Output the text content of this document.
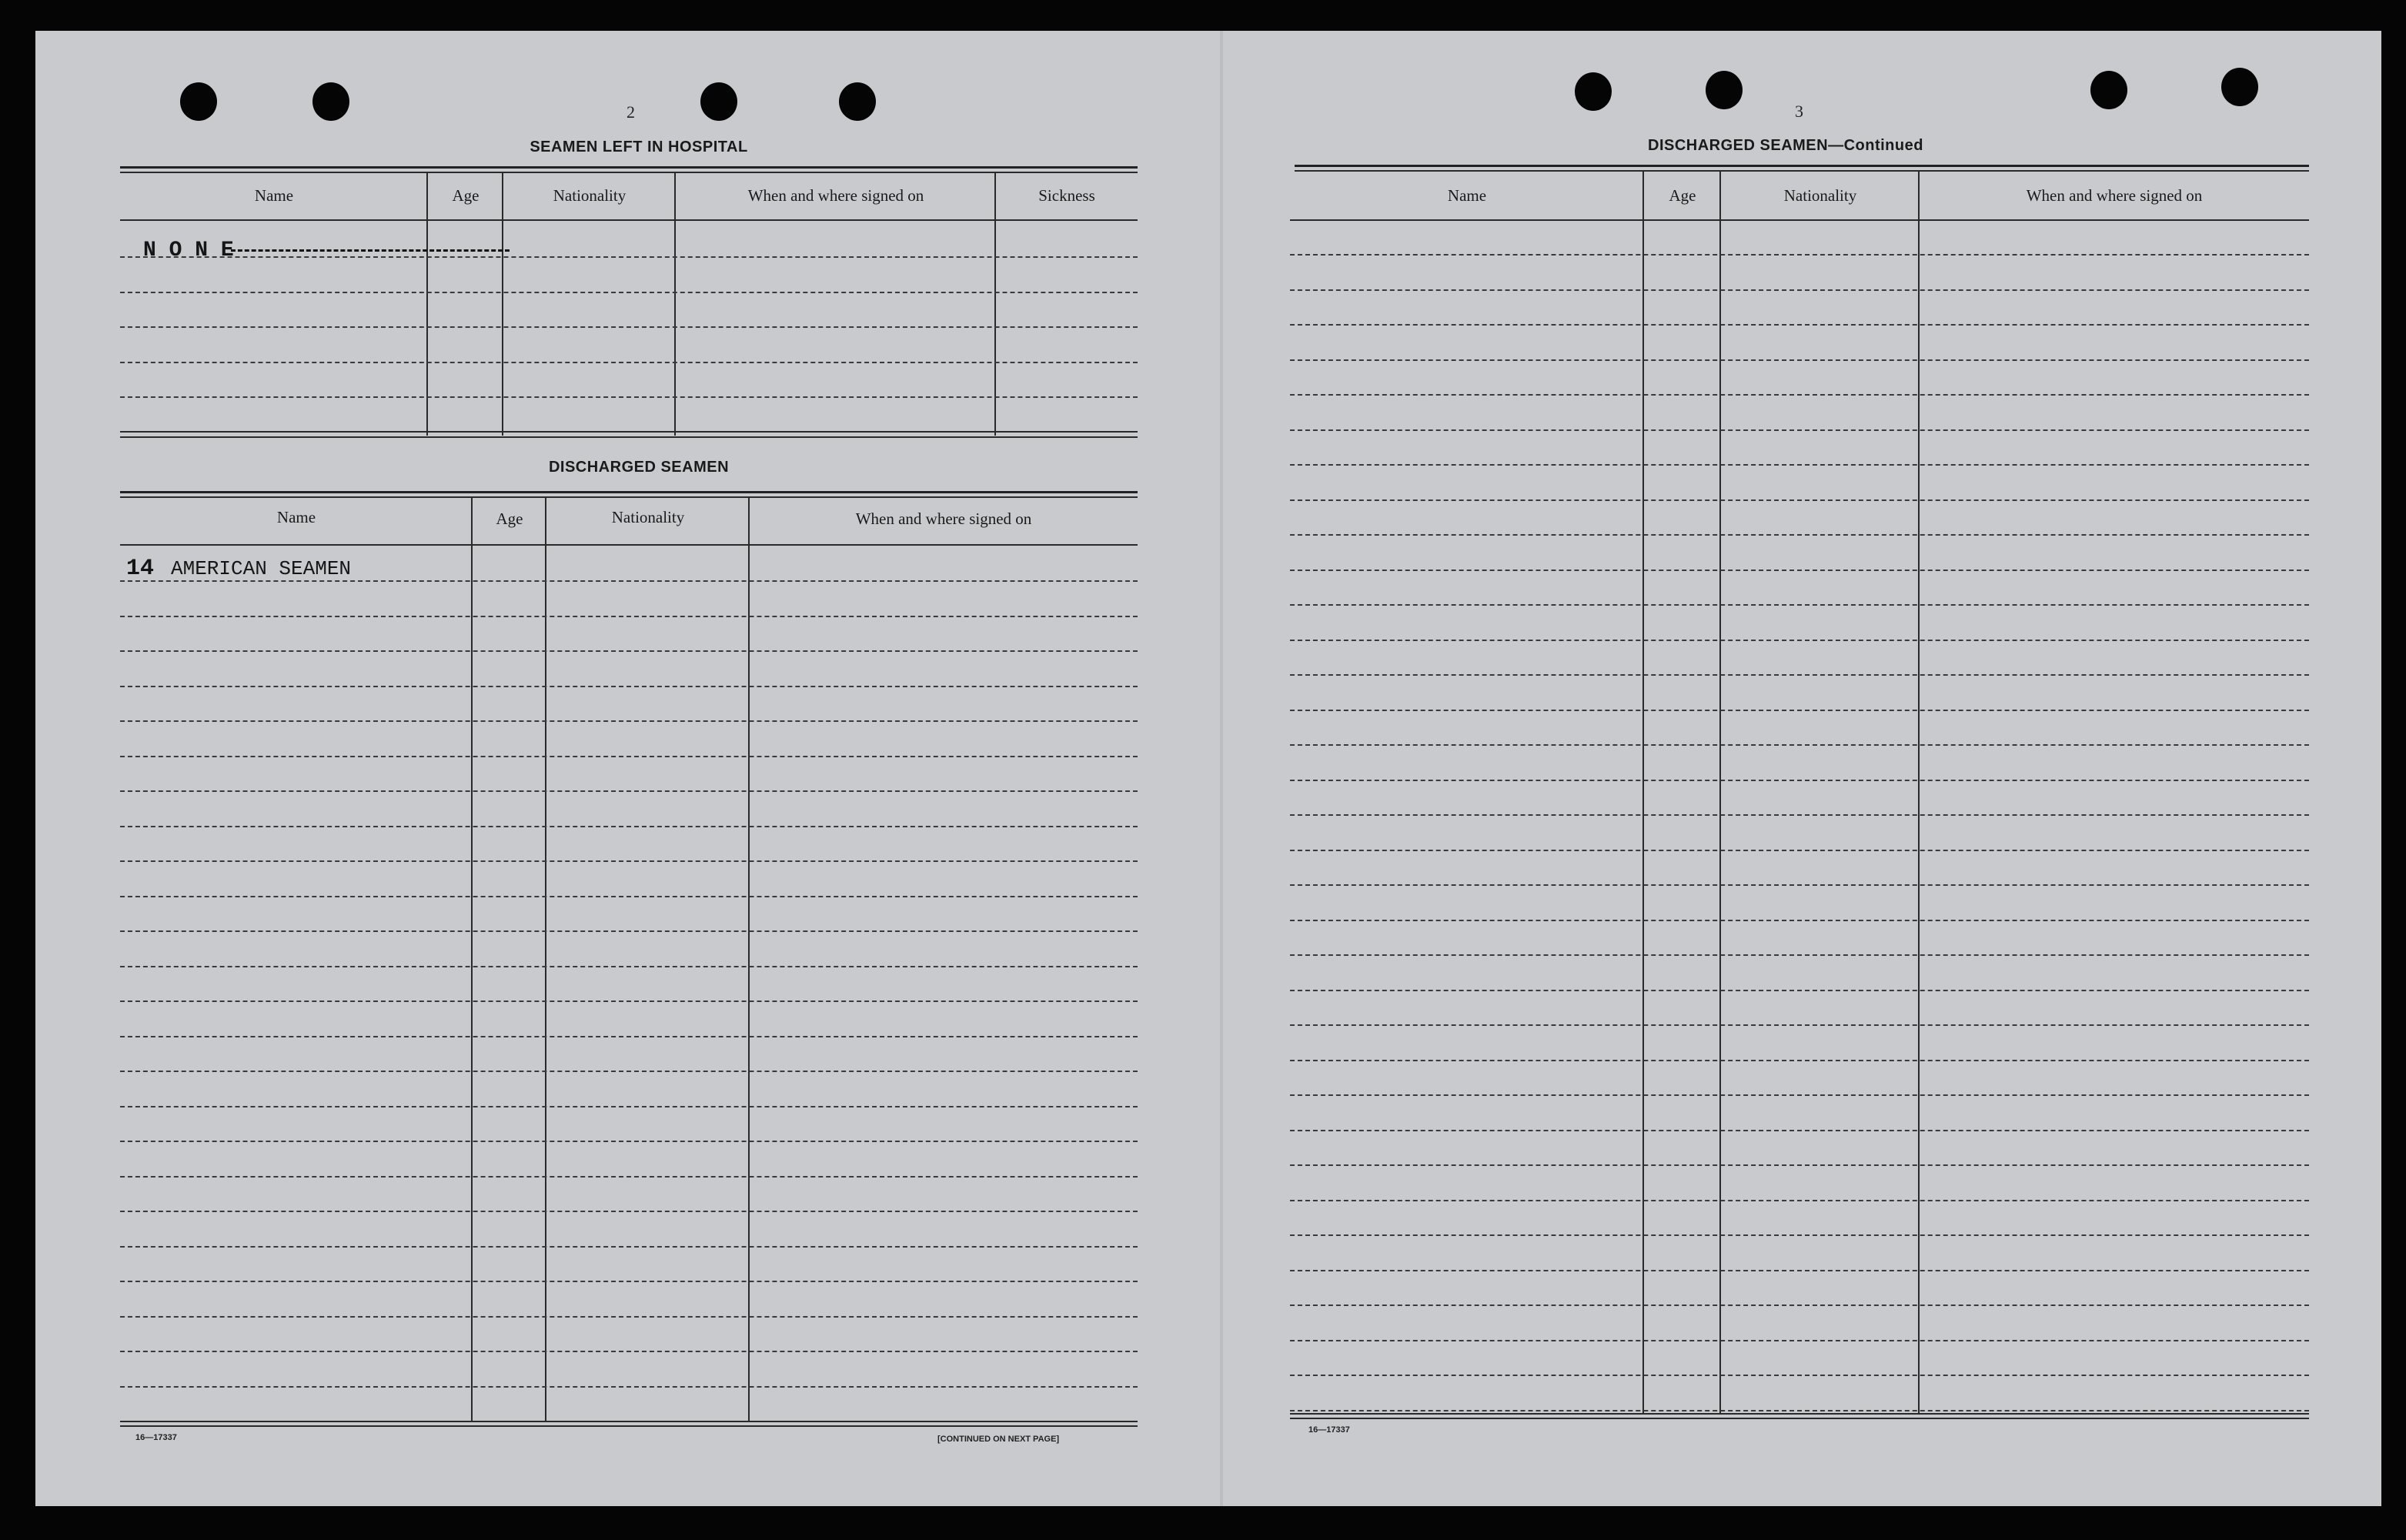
2
SEAMEN LEFT IN HOSPITAL
Name	Age	Nationality	When and where signed on	Sickness
N O N E
DISCHARGED SEAMEN
Name	Age	Nationality	When and where signed on
14 AMERICAN SEAMEN
16—17337	[CONTINUED ON NEXT PAGE]
3
DISCHARGED SEAMEN—Continued
Name	Age	Nationality	When and where signed on
16—17337
